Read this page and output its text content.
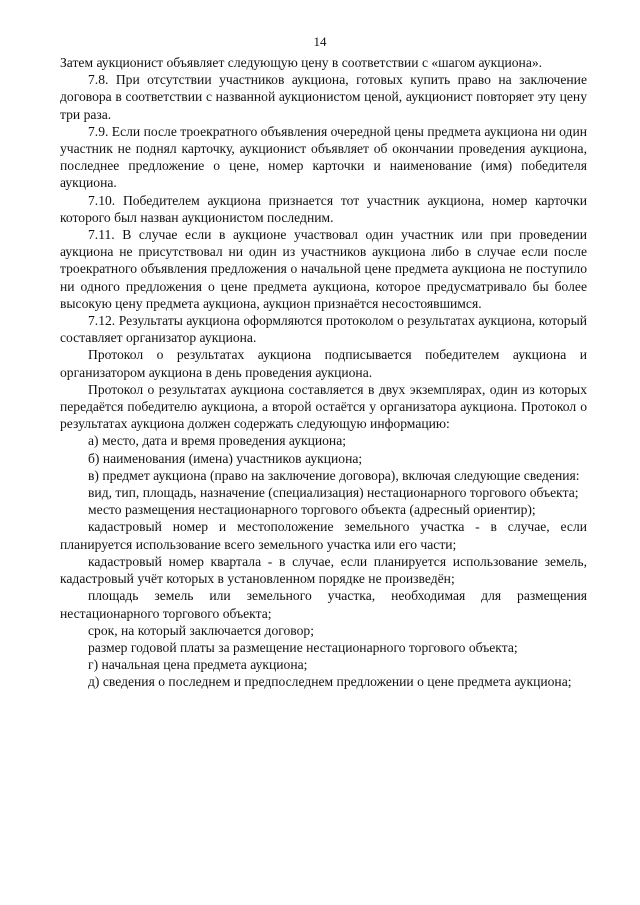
14

Затем аукционист объявляет следующую цену в соответствии с «шагом аукциона».

7.8. При отсутствии участников аукциона, готовых купить право на заключение договора в соответствии с названной аукционистом ценой, аукционист повторяет эту цену три раза.

7.9. Если после троекратного объявления очередной цены предмета аукциона ни один участник не поднял карточку, аукционист объявляет об окончании проведения аукциона, последнее предложение о цене, номер карточки и наименование (имя) победителя аукциона.

7.10. Победителем аукциона признается тот участник аукциона, номер карточки которого был назван аукционистом последним.

7.11. В случае если в аукционе участвовал один участник или при проведении аукциона не присутствовал ни один из участников аукциона либо в случае если после троекратного объявления предложения о начальной цене предмета аукциона не поступило ни одного предложения о цене предмета аукциона, которое предусматривало бы более высокую цену предмета аукциона, аукцион признаётся несостоявшимся.

7.12. Результаты аукциона оформляются протоколом о результатах аукциона, который составляет организатор аукциона.

Протокол о результатах аукциона подписывается победителем аукциона и организатором аукциона в день проведения аукциона.

Протокол о результатах аукциона составляется в двух экземплярах, один из которых передаётся победителю аукциона, а второй остаётся у организатора аукциона. Протокол о результатах аукциона должен содержать следующую информацию:

а) место, дата и время проведения аукциона;

б) наименования (имена) участников аукциона;

в) предмет аукциона (право на заключение договора), включая следующие сведения:

вид, тип, площадь, назначение (специализация) нестационарного торгового объекта;

место размещения нестационарного торгового объекта (адресный ориентир);

кадастровый номер и местоположение земельного участка - в случае, если планируется использование всего земельного участка или его части;

кадастровый номер квартала - в случае, если планируется использование земель, кадастровый учёт которых в установленном порядке не произведён;

площадь земель или земельного участка, необходимая для размещения нестационарного торгового объекта;

срок, на который заключается договор;

размер годовой платы за размещение нестационарного торгового объекта;

г) начальная цена предмета аукциона;

д) сведения о последнем и предпоследнем предложении о цене предмета аукциона;
